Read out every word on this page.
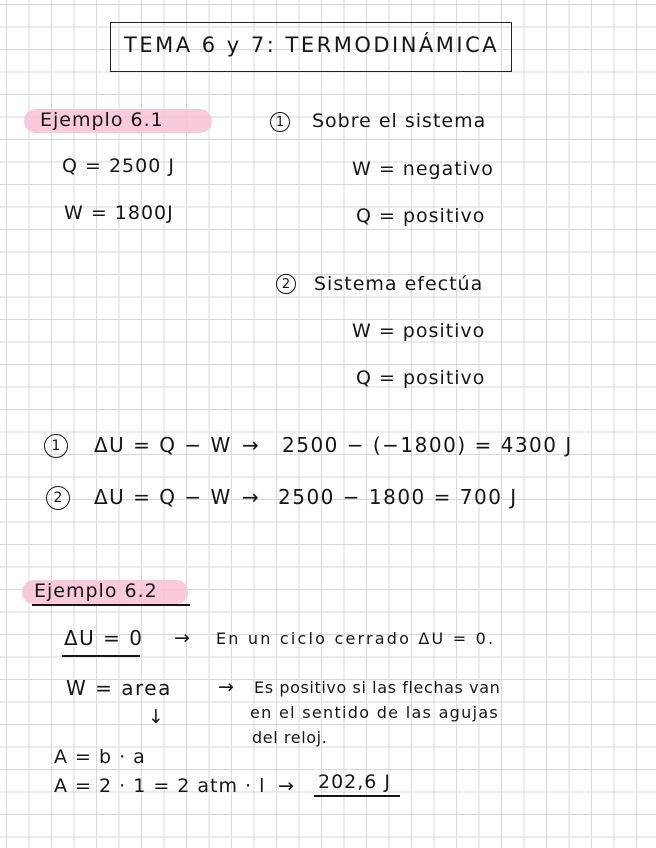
TEMA 6 y 7: TERMODINÁMICA
Ejemplo 6.1
Q = 2500 J
W = 1800J
1	Sobre el sistema
W = negativo
Q = positivo
2	Sistema efectúa
W = positivo
Q = positivo
1	ΔU = Q − W → 2500 − (−1800) = 4300 J
2	ΔU = Q − W → 2500 − 1800 = 700 J
Ejemplo 6.2
ΔU = 0 → En un ciclo cerrado ΔU = 0.
W = area → Es positivo si las flechas van
en el sentido de las agujas
del reloj.
↓
A = b · a
A = 2 · 1 = 2 atm · l → 202,6 J
